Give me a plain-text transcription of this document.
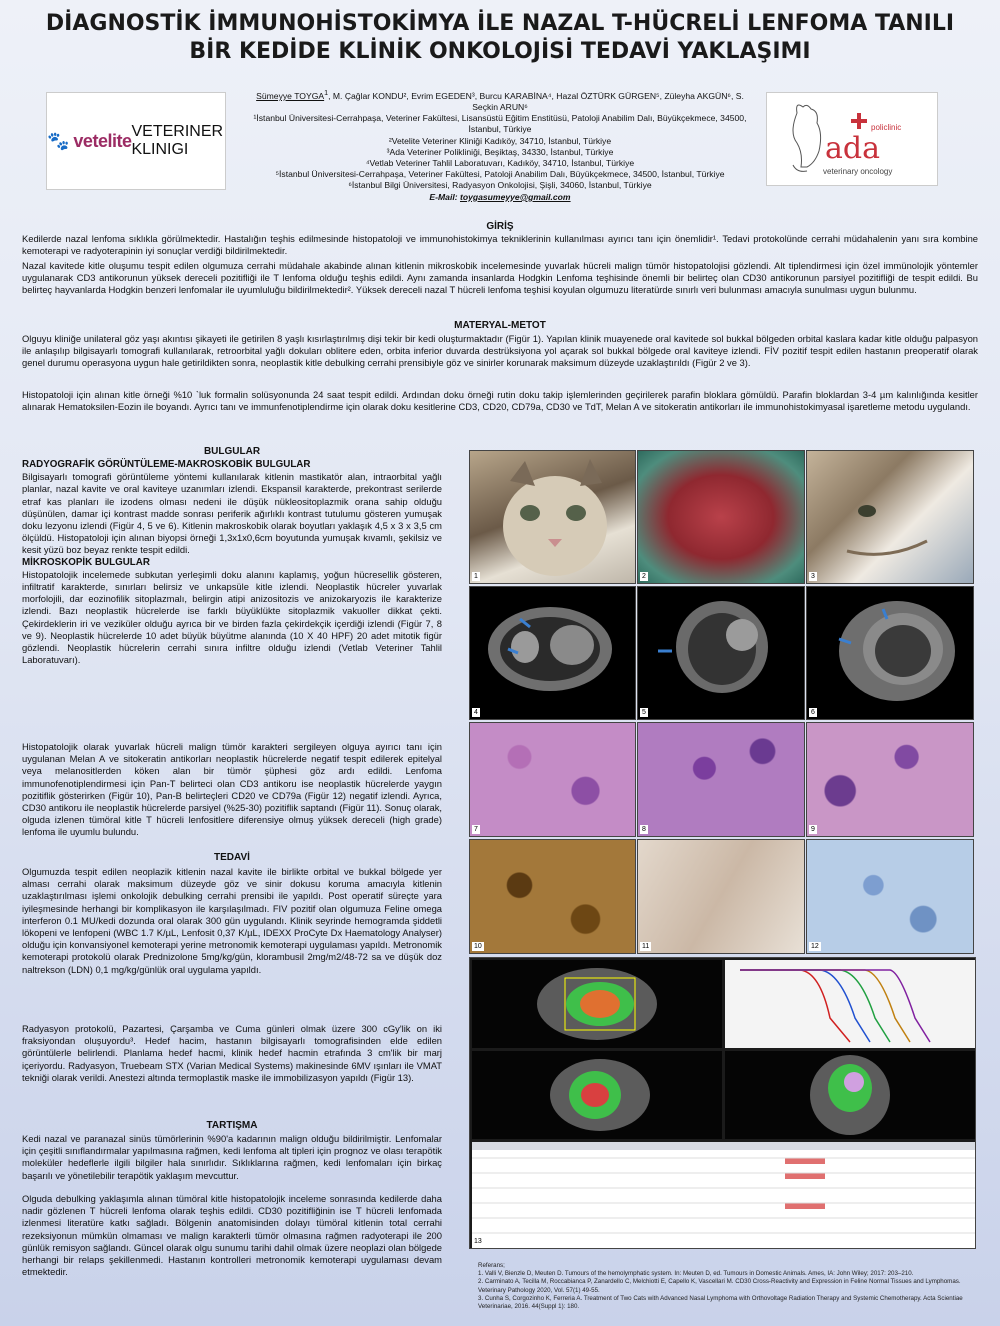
DİAGNOSTİK İMMUNOHİSTOKİMYA İLE NAZAL T-HÜCRELİ LENFOMA TANILI
BİR KEDİDE KLİNİK ONKOLOJİSİ TEDAVİ YAKLAŞIMI
🐾 vetelite VETERINER KLINIGI	ada
policlinic
veterinary oncology
Sümeyye TOYGA$^1$, M. Çağlar KONDU², Evrim EGEDEN³, Burcu KARABİNA⁴, Hazal ÖZTÜRK GÜRGEN⁵, Züleyha AKGÜN⁶, S. Seçkin ARUN⁶
¹İstanbul Üniversitesi-Cerrahpaşa, Veteriner Fakültesi, Lisansüstü Eğitim Enstitüsü, Patoloji Anabilim Dalı, Büyükçekmece, 34500, İstanbul, Türkiye
²Vetelite Veteriner Kliniği Kadıköy, 34710, İstanbul, Türkiye
³Ada Veteriner Polikliniği, Beşiktaş, 34330, İstanbul, Türkiye
⁴Vetlab Veteriner Tahlil Laboratuvarı, Kadıköy, 34710, İstanbul, Türkiye
⁵İstanbul Üniversitesi-Cerrahpaşa, Veteriner Fakültesi, Patoloji Anabilim Dalı, Büyükçekmece, 34500, İstanbul, Türkiye
⁶İstanbul Bilgi Üniversitesi, Radyasyon Onkolojisi, Şişli, 34060, İstanbul, Türkiye
E-Mail: toygasumeyye@gmail.com
GİRİŞ
Kedilerde nazal lenfoma sıklıkla görülmektedir. Hastalığın teşhis edilmesinde histopatoloji ve immunohistokimya tekniklerinin kullanılması ayırıcı tanı için önemlidir¹. Tedavi protokolünde cerrahi müdahalenin yanı sıra kombine kemoterapi ve radyoterapinin iyi sonuçlar verdiği bildirilmektedir.
Nazal kavitede kitle oluşumu tespit edilen olgumuza cerrahi müdahale akabinde alınan kitlenin mikroskobik incelemesinde yuvarlak hücreli malign tümör histopatolojisi gözlendi. Alt tiplendirmesi için özel immünolojik yöntemler uygulanarak CD3 antikorunun yüksek dereceli pozitifliği ile T lenfoma olduğu teşhis edildi. Aynı zamanda insanlarda Hodgkin Lenfoma teşhisinde önemli bir belirteç olan CD30 antikorunun parsiyel pozitifliği de tespit edildi. Bu belirteç hayvanlarda Hodgkin benzeri lenfomalar ile uyumluluğu bildirilmektedir². Yüksek dereceli nazal T hücreli lenfoma teşhisi koyulan olgumuzu literatürde sınırlı veri bulunması amacıyla sunulması uygun bulunmu.
MATERYAL-METOT
Olguyu kliniğe unilateral göz yaşı akıntısı şikayeti ile getirilen 8 yaşlı kısırlaştırılmış dişi tekir bir kedi oluşturmaktadır (Figür 1). Yapılan klinik muayenede oral kavitede sol bukkal bölgeden orbital kaslara kadar kitle olduğu palpasyon ile anlaşılıp bilgisayarlı tomografi kullanılarak, retroorbital yağlı dokuları oblitere eden, orbita inferior duvarda destrüksiyona yol açarak sol bukkal bölgede oral kaviteye izlendi. FİV pozitif tespit edilen hastanın preoperatif olarak genel durumu operasyona uygun hale getirildikten sonra, neoplastik kitle debulking cerrahi prensibiyle göz ve sinirler korunarak maksimum düzeyde uzaklaştırıldı (Figür 2 ve 3).
Histopatoloji için alınan kitle örneği %10 `luk formalin solüsyonunda 24 saat tespit edildi. Ardından doku örneği rutin doku takip işlemlerinden geçirilerek parafin bloklara gömüldü. Parafin bloklardan 3-4 µm kalınlığında kesitler alınarak Hematoksilen-Eozin ile boyandı. Ayrıcı tanı ve immunfenotiplendirme için olarak doku kesitlerine CD3, CD20, CD79a, CD30 ve TdT, Melan A ve sitokeratin antikorları ile immunohistokimyasal işaretleme metodu uygulandı.
BULGULAR
RADYOGRAFİK GÖRÜNTÜLEME-MAKROSKOBİK BULGULAR
Bilgisayarlı tomografi görüntüleme yöntemi kullanılarak kitlenin mastikatör alan, intraorbital yağlı planlar, nazal kavite ve oral kaviteye uzanımları izlendi. Ekspansil karakterde, prekontrast serilerde etraf kas planları ile izodens olması nedeni ile düşük nükleositoplazmik orana sahip olduğu düşünülen, damar içi kontrast madde sonrası periferik ağırlıklı kontrast tutulumu gösteren yumuşak doku lezyonu izlendi (Figür 4, 5 ve 6). Kitlenin makroskobik olarak boyutları yaklaşık 4,5 x 3 x 3,5 cm ölçüldü. Histopatoloji için alınan biyopsi örneği 1,3x1x0,6cm boyutunda yumuşak kıvamlı, şekilsiz ve kesit yüzü boz beyaz renkte tespit edildi.
MİKROSKOPİK BULGULAR
Histopatolojik incelemede subkutan yerleşimli doku alanını kaplamış, yoğun hücresellik gösteren, infiltratif karakterde, sınırları belirsiz ve unkapsüle kitle izlendi. Neoplastik hücreler yuvarlak morfolojili, dar eozinofilik sitoplazmalı, belirgin atipi anizositozis ve anizokaryozis ile karakterize izlendi. Bazı neoplastik hücrelerde ise farklı büyüklükte sitoplazmik vakuoller dikkat çekti. Çekirdeklerin iri ve veziküler olduğu ayrıca bir ve birden fazla çekirdekçik içerdiği izlendi (Figür 7, 8 ve 9). Neoplastik hücrelerde 10 adet büyük büyütme alanında (10 X 40 HPF) 20 adet mitotik figür gözlendi. Neoplastik hücrelerin cerrahi sınıra infiltre olduğu izlendi (Vetlab Veteriner Tahlil Laboratuvarı).
Histopatolojik olarak yuvarlak hücreli malign tümör karakteri sergileyen olguya ayırıcı tanı için uygulanan Melan A ve sitokeratin antikorları neoplastik hücrelerde negatif tespit edilerek epitelyal veya melanositlerden köken alan bir tümör şüphesi göz ardı edildi. Lenfoma immunofenotiplendirmesi için Pan-T belirteci olan CD3 antikoru ise neoplastik hücrelerde yaygın pozitiflik gösterirken (Figür 10), Pan-B belirteçleri CD20 ve CD79a (Figür 12) negatif izlendi. Ayrıca, CD30 antikoru ile neoplastik hücrelerde parsiyel (%25-30) pozitiflik saptandı (Figür 11). Sonuç olarak, olguda izlenen tümöral kitle T hücreli lenfositlere diferensiye olmuş yüksek dereceli (high grade) lenfoma ile uyumlu bulundu.
TEDAVİ
Olgumuzda tespit edilen neoplazik kitlenin nazal kavite ile birlikte orbital ve bukkal bölgede yer alması cerrahi olarak maksimum düzeyde göz ve sinir dokusu koruma amacıyla kitlenin uzaklaştırılması işlemi onkolojik debulking cerrahi prensibi ile yapıldı. Post operatif süreçte yara iyileşmesinde herhangi bir komplikasyon ile karşılaşılmadı. FIV pozitif olan olgumuza Feline omega interferon 0.1 MU/kedi dozunda oral olarak 300 gün uygulandı. Klinik seyrinde hemogramda şiddetli lökopeni ve lenfopeni (WBC 1.7 K/µL, Lenfosit 0,37 K/µL, IDEXX ProCyte Dx Haematology Analyser) olduğu için konvansiyonel kemoterapi yerine metronomik kemoterapi uygulaması yapıldı. Metronomik kemoterapi protokolü olarak Prednizolone 5mg/kg/gün, klorambusil 2mg/m2/48-72 sa ve düşük doz naltrekson (LDN) 0,1 mg/kg/günlük oral uygulama yapıldı.
Radyasyon protokolü, Pazartesi, Çarşamba ve Cuma günleri olmak üzere 300 cGy'lik on iki fraksiyondan oluşuyordu³. Hedef hacim, hastanın bilgisayarlı tomografisinden elde edilen görüntülerle belirlendi. Planlama hedef hacmi, klinik hedef hacmin etrafında 3 cm'lik bir marj içeriyordu. Radyasyon, Truebeam STX (Varian Medical Systems) makinesinde 6MV ışınları ile VMAT tekniği olarak verildi. Anestezi altında termoplastik maske ile immobilizasyon yapıldı (Figür 13).
TARTIŞMA
Kedi nazal ve paranazal sinüs tümörlerinin %90'a kadarının malign olduğu bildirilmiştir. Lenfomalar için çeşitli sınıflandırmalar yapılmasına rağmen, kedi lenfoma alt tipleri için prognoz ve olası terapötik moleküler hedeflerle ilgili bilgiler hala sınırlıdır. Sıklıklarına rağmen, kedi lenfomaları için birkaç başarılı ve yönetilebilir terapötik yaklaşım mevcuttur.
Olguda debulking yaklaşımla alınan tümöral kitle histopatolojik inceleme sonrasında kedilerde daha nadir gözlenen T hücreli lenfoma olarak teşhis edildi. CD30 pozitifliğinin ise T hücreli lenfomada izlenmesi literatüre katkı sağladı. Bölgenin anatomisinden dolayı tümöral kitlenin total cerrahi rezeksiyonun mümkün olmaması ve malign karakterli tümör olmasına rağmen radyoterapi ile 200 günlük remisyon sağlandı. Güncel olarak olgu sunumu tarihi dahil olmak üzere neoplazi olan bölgede herhangi bir relaps şekillenmedi. Hastanın kontrolleri metronomik kemoterapi uygulaması devam etmektedir.
1	2	3
4	5	6
7	8	9
10	11	12
13
Referans;
1. Valli V, Bienzle D, Meuten D. Tumours of the hemolymphatic system. In: Meuten D, ed. Tumours in Domestic Animals. Ames, IA: John Wiley; 2017: 203–210.
2. Carminato A, Tecilla M, Roccabianca P, Zanardello C, Melchiotti E, Capello K, Vascellari M. CD30 Cross-Reactivity and Expression in Feline Normal Tissues and Lymphomas. Veterinary Pathology 2020, Vol. 57(1) 49-55.
3. Cunha S, Corgozinho K, Ferreria A. Treatment of Two Cats with Advanced Nasal Lymphoma with Orthovoltage Radiation Therapy and Systemic Chemotherapy. Acta Scientiae Veterinariae, 2016. 44(Suppl 1): 180.
